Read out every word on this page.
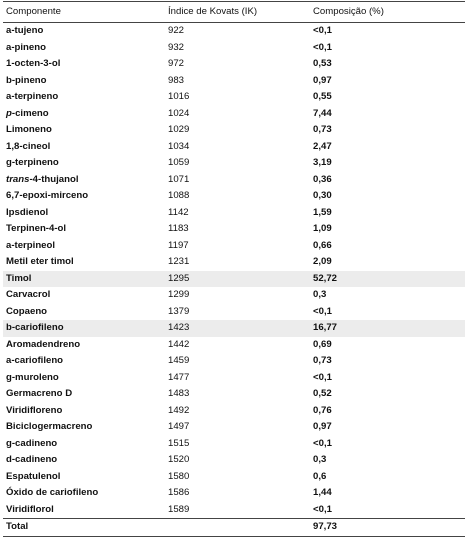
Componente	Índice de Kovats (IK)	Composição (%)
a-tujeno	922	<0,1
a-pineno	932	<0,1
1-octen-3-ol	972	0,53
b-pineno	983	0,97
a-terpineno	1016	0,55
p-cimeno	1024	7,44
Limoneno	1029	0,73
1,8-cineol	1034	2,47
g-terpineno	1059	3,19
trans-4-thujanol	1071	0,36
6,7-epoxi-mirceno	1088	0,30
Ipsdienol	1142	1,59
Terpinen-4-ol	1183	1,09
a-terpineol	1197	0,66
Metil eter timol	1231	2,09
Timol	1295	52,72
Carvacrol	1299	0,3
Copaeno	1379	<0,1
b-cariofileno	1423	16,77
Aromadendreno	1442	0,69
a-cariofileno	1459	0,73
g-muroleno	1477	<0,1
Germacreno D	1483	0,52
Viridifloreno	1492	0,76
Biciclogermacreno	1497	0,97
g-cadineno	1515	<0,1
d-cadineno	1520	0,3
Espatulenol	1580	0,6
Óxido de cariofileno	1586	1,44
Viridiflorol	1589	<0,1
Total		97,73
